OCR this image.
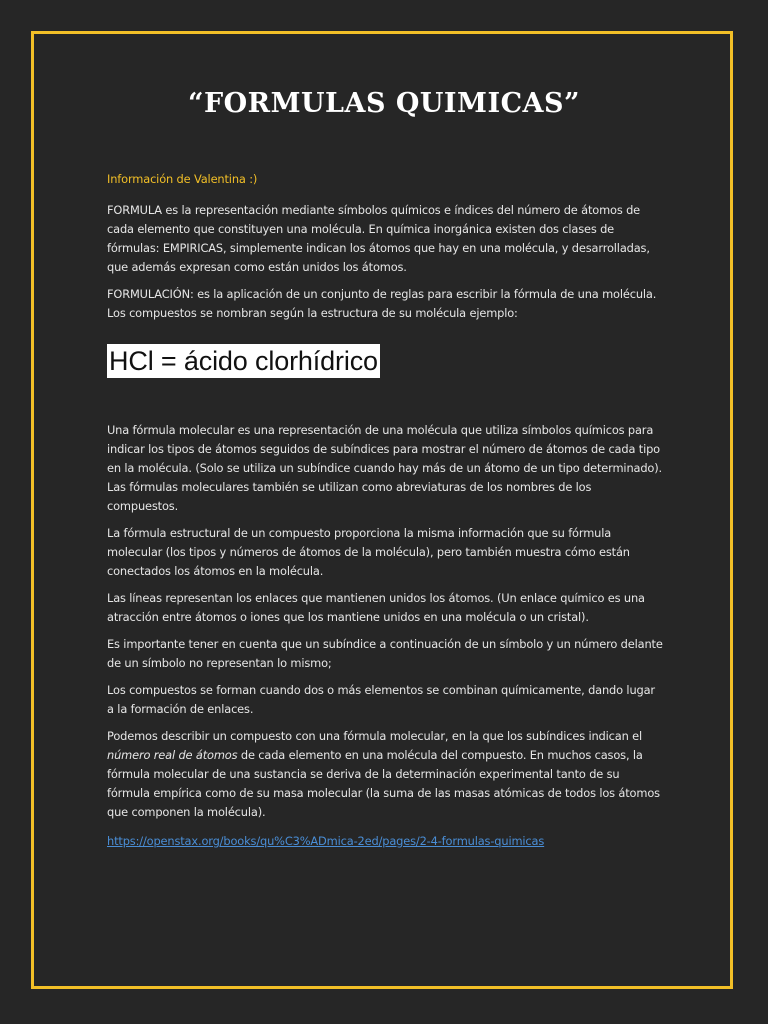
“FORMULAS QUIMICAS”

Información de Valentina :)

FORMULA es la representación mediante símbolos químicos e índices del número de átomos de cada elemento que constituyen una molécula. En química inorgánica existen dos clases de fórmulas: EMPIRICAS, simplemente indican los átomos que hay en una molécula, y desarrolladas, que además expresan como están unidos los átomos.

FORMULACIÓN: es la aplicación de un conjunto de reglas para escribir la fórmula de una molécula. Los compuestos se nombran según la estructura de su molécula ejemplo:

HCl = ácido clorhídrico

Una fórmula molecular es una representación de una molécula que utiliza símbolos químicos para indicar los tipos de átomos seguidos de subíndices para mostrar el número de átomos de cada tipo en la molécula. (Solo se utiliza un subíndice cuando hay más de un átomo de un tipo determinado). Las fórmulas moleculares también se utilizan como abreviaturas de los nombres de los compuestos.

La fórmula estructural de un compuesto proporciona la misma información que su fórmula molecular (los tipos y números de átomos de la molécula), pero también muestra cómo están conectados los átomos en la molécula.

Las líneas representan los enlaces que mantienen unidos los átomos. (Un enlace químico es una atracción entre átomos o iones que los mantiene unidos en una molécula o un cristal).

Es importante tener en cuenta que un subíndice a continuación de un símbolo y un número delante de un símbolo no representan lo mismo;

Los compuestos se forman cuando dos o más elementos se combinan químicamente, dando lugar a la formación de enlaces.

Podemos describir un compuesto con una fórmula molecular, en la que los subíndices indican el número real de átomos de cada elemento en una molécula del compuesto. En muchos casos, la fórmula molecular de una sustancia se deriva de la determinación experimental tanto de su fórmula empírica como de su masa molecular (la suma de las masas atómicas de todos los átomos que componen la molécula).

https://openstax.org/books/qu%C3%ADmica-2ed/pages/2-4-formulas-quimicas
